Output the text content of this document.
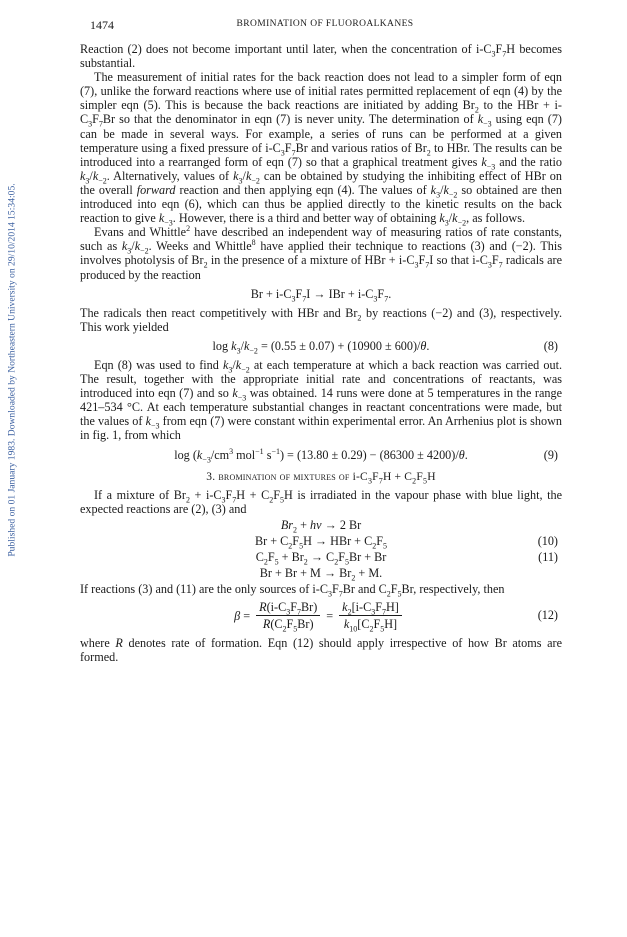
1474	BROMINATION OF FLUOROALKANES
Published on 01 January 1983. Downloaded by Northeastern University on 29/10/2014 15:34:05.

Reaction (2) does not become important until later, when the concentration of $i-C_3F_7H$ becomes substantial.

The measurement of initial rates for the back reaction does not lead to a simpler form of eqn (7), unlike the forward reactions where use of initial rates permitted replacement of eqn (4) by the simpler eqn (5). This is because the back reactions are initiated by adding $Br_2$ to the HBr + $i-C_3F_7Br$ so that the denominator in eqn (7) is never unity. The determination of $k_{-3}$ using eqn (7) can be made in several ways. For example, a series of runs can be performed at a given temperature using a fixed pressure of $i-C_3F_7Br$ and various ratios of $Br_2$ to HBr. The results can be introduced into a rearranged form of eqn (7) so that a graphical treatment gives $k_{-3}$ and the ratio $k_3/k_{-2}$. Alternatively, values of $k_3/k_{-2}$ can be obtained by studying the inhibiting effect of HBr on the overall forward reaction and then applying eqn (4). The values of $k_3/k_{-2}$ so obtained are then introduced into eqn (6), which can thus be applied directly to the kinetic results on the back reaction to give $k_{-3}$. However, there is a third and better way of obtaining $k_3/k_{-2}$, as follows.

Evans and Whittle$^2$ have described an independent way of measuring ratios of rate constants, such as $k_3/k_{-2}$. Weeks and Whittle$^8$ have applied their technique to reactions (3) and (−2). This involves photolysis of $Br_2$ in the presence of a mixture of HBr + $i-C_3F_7I$ so that $i-C_3F_7$ radicals are produced by the reaction

$Br + i-C_3F_7I$ → IBr + $i-C_3F_7$.

The radicals then react competitively with HBr and $Br_2$ by reactions (−2) and (3), respectively. This work yielded

$\log k_3/k_{-2} = (0.55 \pm 0.07) + (10900 \pm 600)/\theta$.	(8)

Eqn (8) was used to find $k_3/k_{-2}$ at each temperature at which a back reaction was carried out. The result, together with the appropriate initial rate and concentrations of reactants, was introduced into eqn (7) and so $k_{-3}$ was obtained. 14 runs were done at 5 temperatures in the range 421–534 °C. At each temperature substantial changes in reactant concentrations were made, but the values of $k_{-3}$ from eqn (7) were constant within experimental error. An Arrhenius plot is shown in fig. 1, from which

$\log (k_{-3}/cm^3$ mol$^{-1}$ $s^{-1}) = (13.80 \pm 0.29) - (86300 \pm 4200)/\theta$.	(9)
3. bromination of mixtures of $i-C_3F_7H + C_2F_5H$

If a mixture of $Br_2 + i-C_3F_7H + C_2F_5H$ is irradiated in the vapour phase with blue light, the expected reactions are (2), (3) and

$Br_2 + h\nu \to 2$ Br
$Br + C_2F_5H$ → HBr + $C_2F_5$	(10)
$C_2F_5 + Br_2 \to C_2F_5Br + Br$	(11)
$Br + Br + M \to Br_2 + M$.

If reactions (3) and (11) are the only sources of $i-C_3F_7Br$ and $C_2F_5Br$, respectively, then

$\beta = \frac{R(i-C_3F_7Br)}{R(C_2F_5Br)} = \frac{k_2[i-C_3F_7H]}{k_{10}[C_2F_5H]}$	(12)

where R denotes rate of formation. Eqn (12) should apply irrespective of how Br atoms are formed.
